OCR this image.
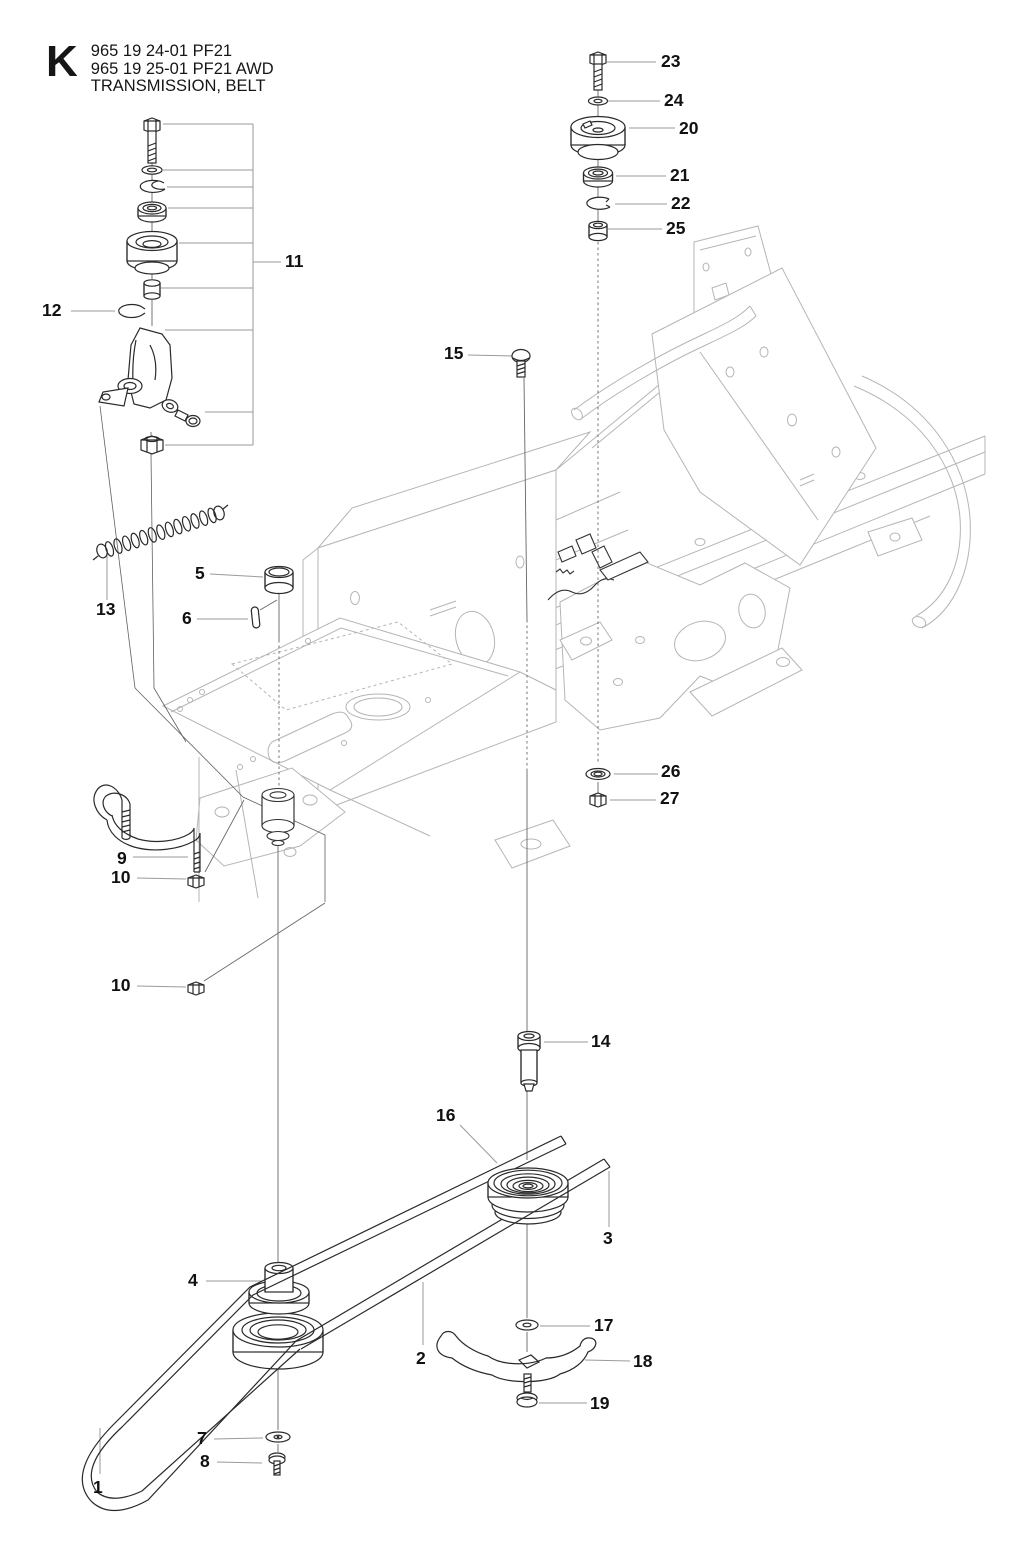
K 965 19 24-01 PF21
965 19 25-01 PF21 AWD
TRANSMISSION, BELT
23
24
20
21
22
25
11
12
15
5
6
13
9
10
10
26
27
14
16
3
4
2
17
18
19
7
8
1
